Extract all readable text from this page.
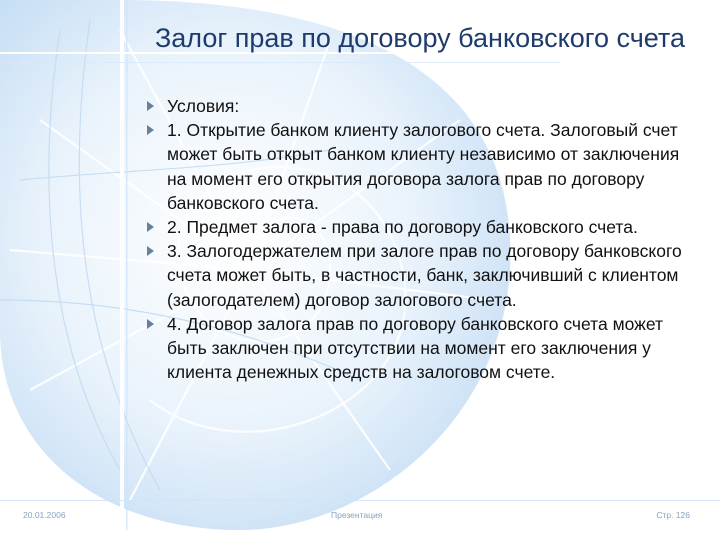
Залог прав по договору банковского счета

Условия:

1. Открытие банком клиенту залогового счета. Залоговый счет может быть открыт банком клиенту независимо от заключения на момент его открытия договора залога прав по договору банковского счета.

2. Предмет залога - права по договору банковского счета.

3. Залогодержателем при залоге прав по договору банковского счета может быть, в частности, банк, заключивший с клиентом (залогодателем) договор залогового счета.

4. Договор залога прав по договору банковского счета может быть заключен при отсутствии на момент его заключения у клиента денежных средств на залоговом счете.

20.01.2006	Презентация	Стр. 126
